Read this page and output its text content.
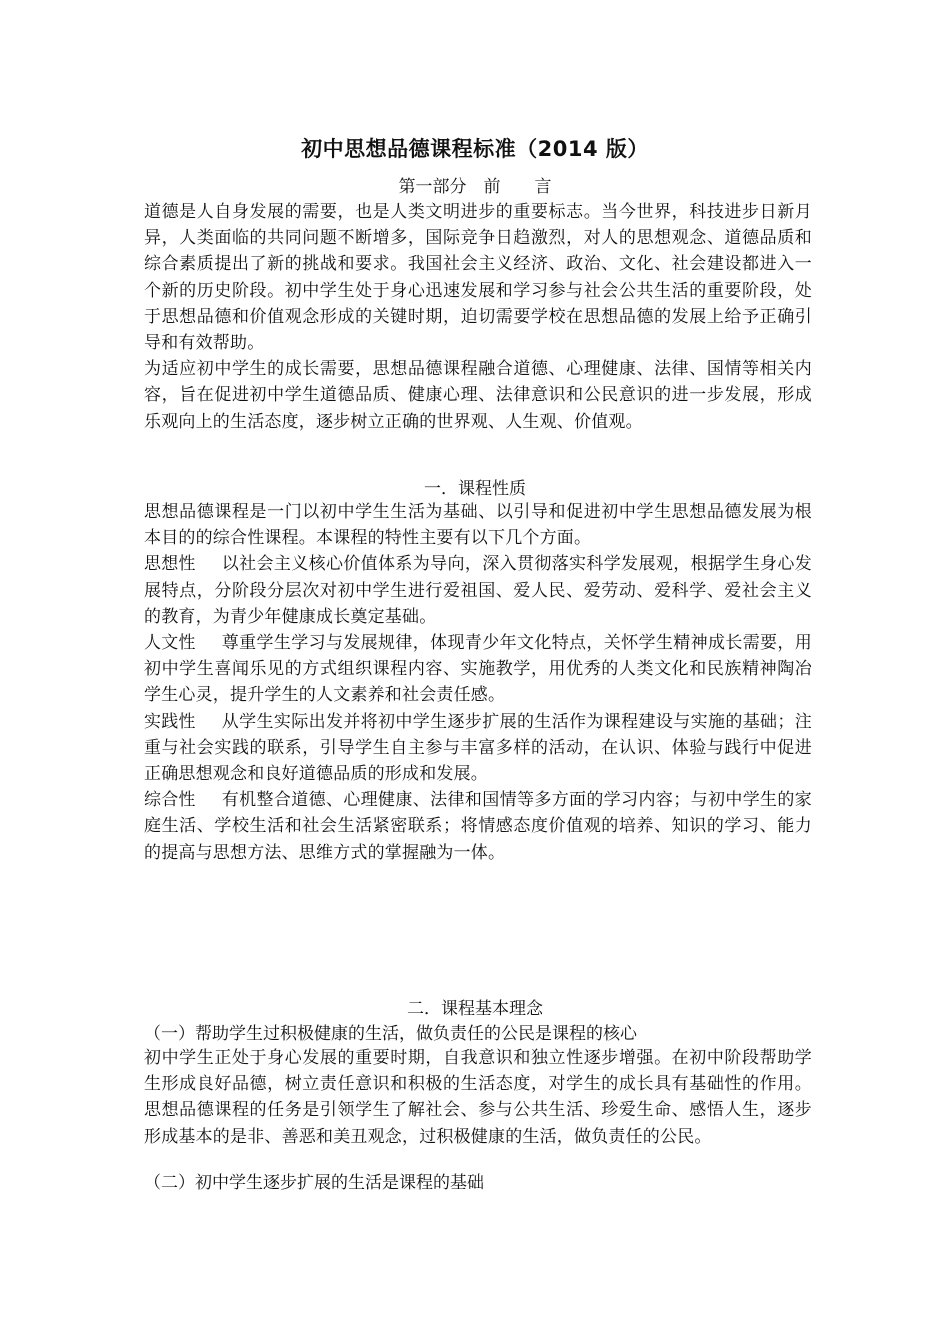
初中思想品德课程标准（2014 版）
第一部分　前　　言

道德是人自身发展的需要，也是人类文明进步的重要标志。当今世界，科技进步日新月异，人类面临的共同问题不断增多，国际竞争日趋激烈，对人的思想观念、道德品质和综合素质提出了新的挑战和要求。我国社会主义经济、政治、文化、社会建设都进入一个新的历史阶段。初中学生处于身心迅速发展和学习参与社会公共生活的重要阶段，处于思想品德和价值观念形成的关键时期，迫切需要学校在思想品德的发展上给予正确引导和有效帮助。

为适应初中学生的成长需要，思想品德课程融合道德、心理健康、法律、国情等相关内容，旨在促进初中学生道德品质、健康心理、法律意识和公民意识的进一步发展，形成乐观向上的生活态度，逐步树立正确的世界观、人生观、价值观。

一．课程性质

思想品德课程是一门以初中学生生活为基础、以引导和促进初中学生思想品德发展为根本目的的综合性课程。本课程的特性主要有以下几个方面。

思想性 以社会主义核心价值体系为导向，深入贯彻落实科学发展观，根据学生身心发展特点，分阶段分层次对初中学生进行爱祖国、爱人民、爱劳动、爱科学、爱社会主义的教育，为青少年健康成长奠定基础。

人文性 尊重学生学习与发展规律，体现青少年文化特点，关怀学生精神成长需要，用初中学生喜闻乐见的方式组织课程内容、实施教学，用优秀的人类文化和民族精神陶冶学生心灵，提升学生的人文素养和社会责任感。

实践性 从学生实际出发并将初中学生逐步扩展的生活作为课程建设与实施的基础；注重与社会实践的联系，引导学生自主参与丰富多样的活动，在认识、体验与践行中促进正确思想观念和良好道德品质的形成和发展。

综合性 有机整合道德、心理健康、法律和国情等多方面的学习内容；与初中学生的家庭生活、学校生活和社会生活紧密联系；将情感态度价值观的培养、知识的学习、能力的提高与思想方法、思维方式的掌握融为一体。

二．课程基本理念
（一）帮助学生过积极健康的生活，做负责任的公民是课程的核心

初中学生正处于身心发展的重要时期，自我意识和独立性逐步增强。在初中阶段帮助学生形成良好品德，树立责任意识和积极的生活态度，对学生的成长具有基础性的作用。思想品德课程的任务是引领学生了解社会、参与公共生活、珍爱生命、感悟人生，逐步形成基本的是非、善恶和美丑观念，过积极健康的生活，做负责任的公民。

（二）初中学生逐步扩展的生活是课程的基础
